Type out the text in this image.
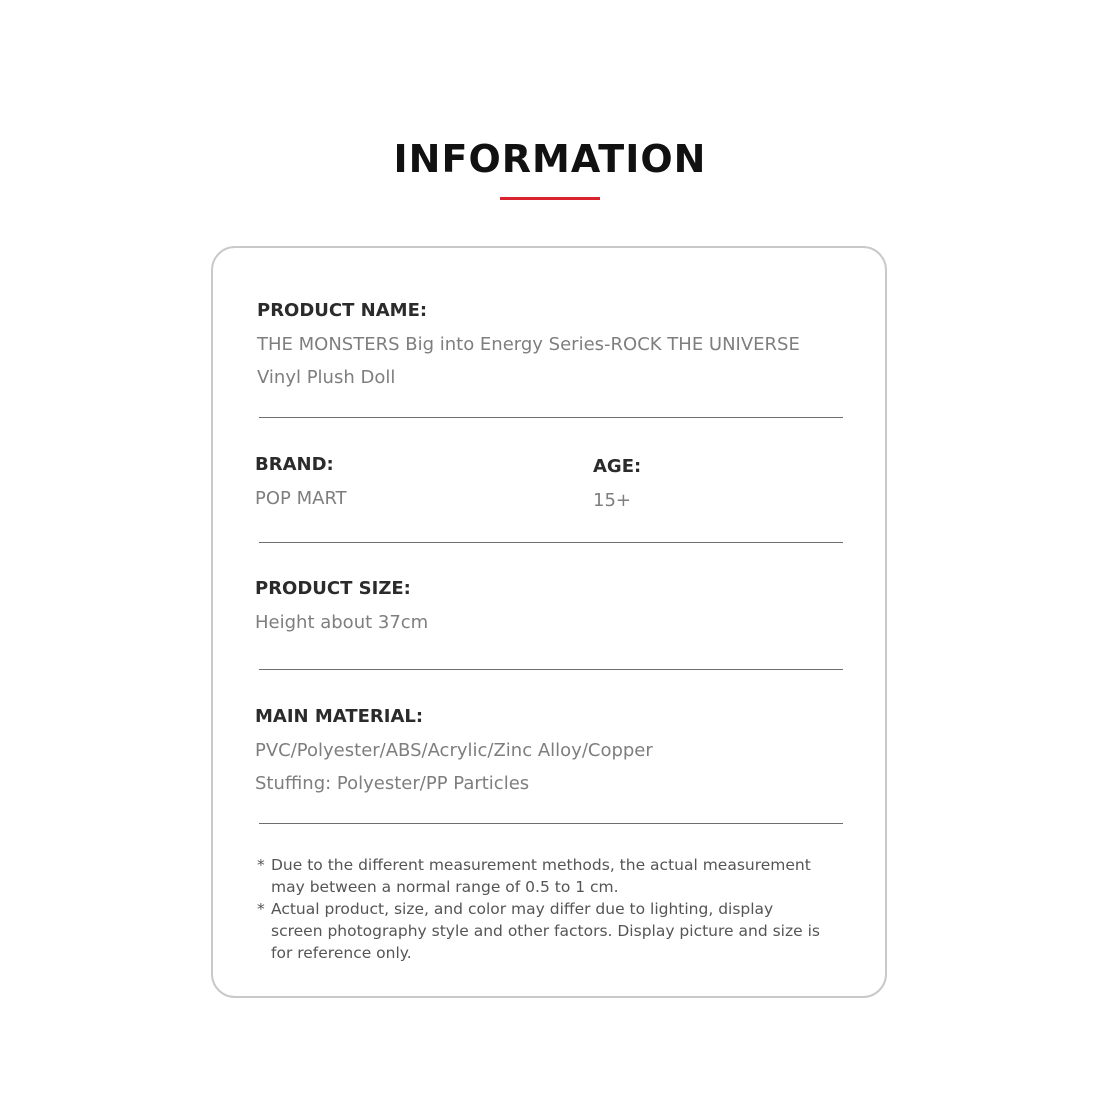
INFORMATION
PRODUCT NAME:
THE MONSTERS Big into Energy Series-ROCK THE UNIVERSE
Vinyl Plush Doll
BRAND:
POP MART
AGE:
15+
PRODUCT SIZE:
Height about 37cm
MAIN MATERIAL:
PVC/Polyester/ABS/Acrylic/Zinc Alloy/Copper
Stuffing: Polyester/PP Particles
* Due to the different measurement methods, the actual measurement
may between a normal range of 0.5 to 1 cm.
* Actual product, size, and color may differ due to lighting, display
screen photography style and other factors. Display picture and size is
for reference only.
